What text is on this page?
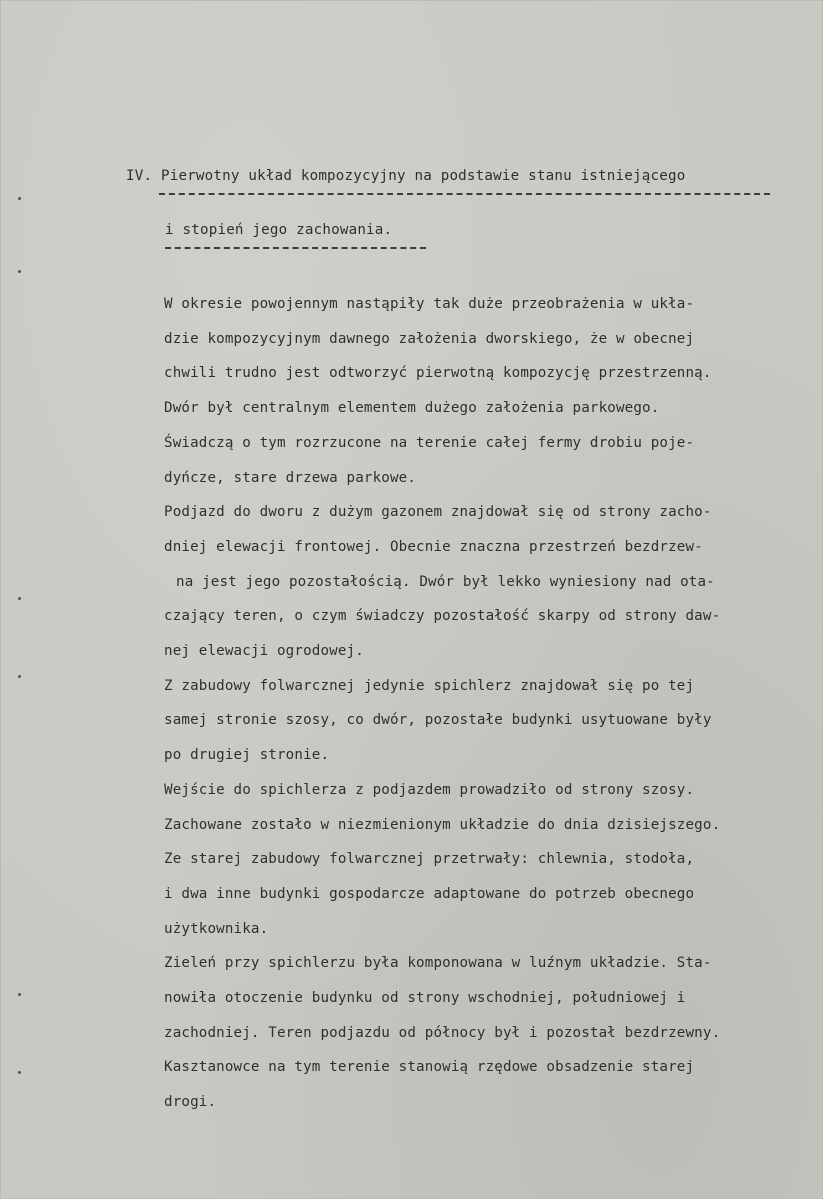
IV. Pierwotny układ kompozycyjny na podstawie stanu istniejącego
i stopień jego zachowania.
W okresie powojennym nastąpiły tak duże przeobrażenia w ukła-
dzie kompozycyjnym dawnego założenia dworskiego, że w obecnej
chwili trudno jest odtworzyć pierwotną kompozycję przestrzenną.
Dwór był centralnym elementem dużego założenia parkowego.
Świadczą o tym rozrzucone na terenie całej fermy drobiu poje-
dyńcze, stare drzewa parkowe.
Podjazd do dworu z dużym gazonem znajdował się od strony zacho-
dniej elewacji frontowej. Obecnie znaczna przestrzeń bezdrzew-
na jest jego pozostałością. Dwór był lekko wyniesiony nad ota-
czający teren, o czym świadczy pozostałość skarpy od strony daw-
nej elewacji ogrodowej.
Z zabudowy folwarcznej jedynie spichlerz znajdował się po tej
samej stronie szosy, co dwór, pozostałe budynki usytuowane były
po drugiej stronie.
Wejście do spichlerza z podjazdem prowadziło od strony szosy.
Zachowane zostało w niezmienionym układzie do dnia dzisiejszego.
Ze starej zabudowy folwarcznej przetrwały: chlewnia, stodoła,
i dwa inne budynki gospodarcze adaptowane do potrzeb obecnego
użytkownika.
Zieleń przy spichlerzu była komponowana w luźnym układzie. Sta-
nowiła otoczenie budynku od strony wschodniej, południowej i
zachodniej. Teren podjazdu od północy był i pozostał bezdrzewny.
Kasztanowce na tym terenie stanowią rzędowe obsadzenie starej
drogi.
